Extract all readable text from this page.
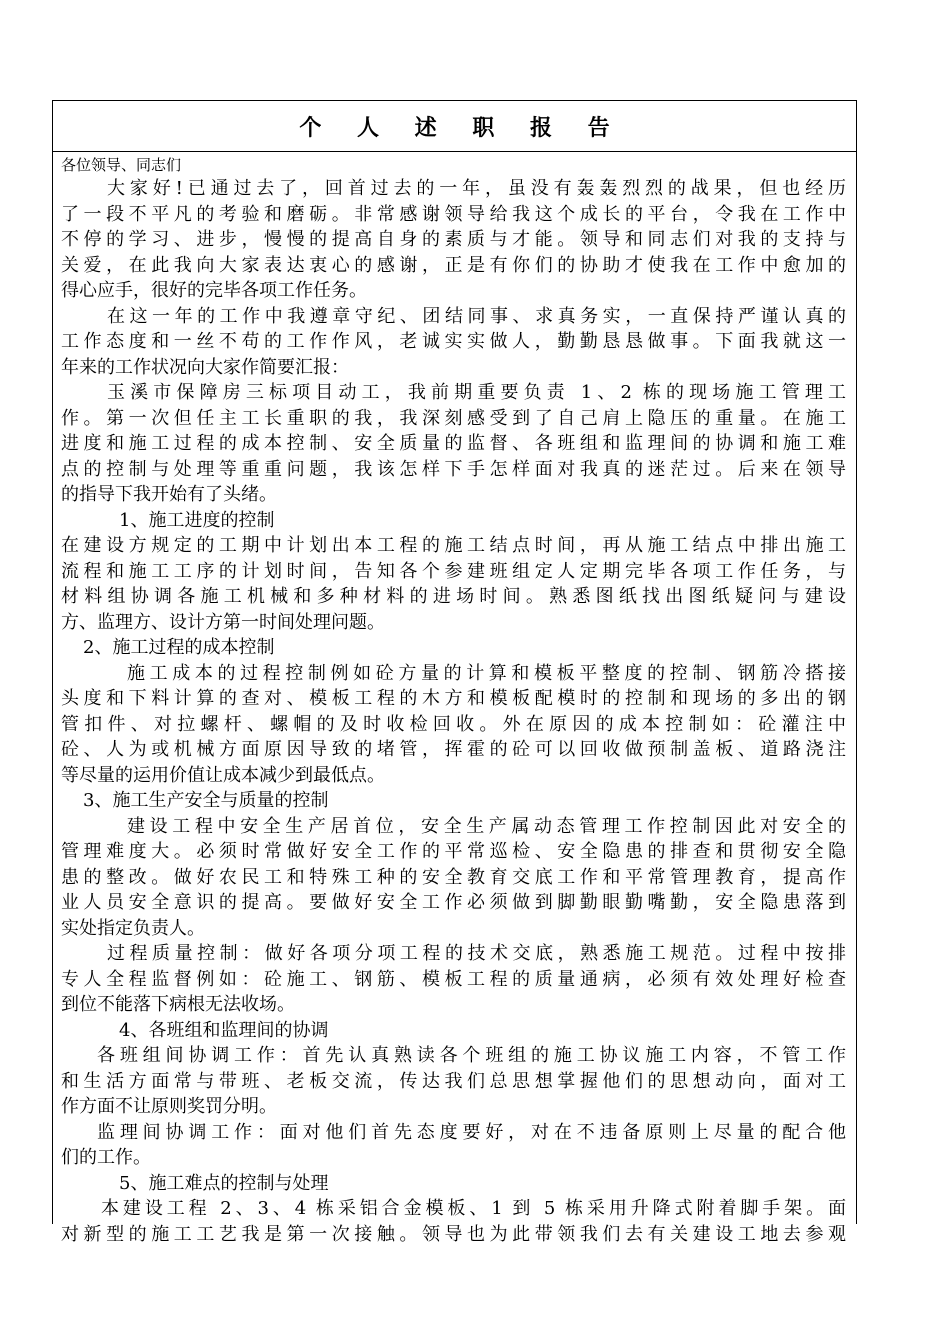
个 人 述 职 报 告
各位领导、同志们
大家好!已通过去了，回首过去的一年，虽没有轰轰烈烈的战果，但也经历
了一段不平凡的考验和磨砺。非常感谢领导给我这个成长的平台，令我在工作中
不停的学习、进步，慢慢的提高自身的素质与才能。领导和同志们对我的支持与
关爱，在此我向大家表达衷心的感谢，正是有你们的协助才使我在工作中愈加的
得心应手，很好的完毕各项工作任务。
在这一年的工作中我遵章守纪、团结同事、求真务实，一直保持严谨认真的
工作态度和一丝不苟的工作作风，老诚实实做人，勤勤恳恳做事。下面我就这一
年来的工作状况向大家作简要汇报：
玉溪市保障房三标项目动工，我前期重要负责 1、2 栋的现场施工管理工
作。第一次但任主工长重职的我，我深刻感受到了自己肩上隐压的重量。在施工
进度和施工过程的成本控制、安全质量的监督、各班组和监理间的协调和施工难
点的控制与处理等重重问题，我该怎样下手怎样面对我真的迷茫过。后来在领导
的指导下我开始有了头绪。
1、施工进度的控制
在建设方规定的工期中计划出本工程的施工结点时间，再从施工结点中排出施工
流程和施工工序的计划时间，告知各个参建班组定人定期完毕各项工作任务，与
材料组协调各施工机械和多种材料的进场时间。熟悉图纸找出图纸疑问与建设
方、监理方、设计方第一时间处理问题。
2、施工过程的成本控制
施工成本的过程控制例如砼方量的计算和模板平整度的控制、钢筋冷搭接
头度和下料计算的查对、模板工程的木方和模板配模时的控制和现场的多出的钢
管扣件、对拉螺杆、螺帽的及时收检回收。外在原因的成本控制如：砼灌注中
砼、人为或机械方面原因导致的堵管，挥霍的砼可以回收做预制盖板、道路浇注
等尽量的运用价值让成本减少到最低点。
3、施工生产安全与质量的控制
建设工程中安全生产居首位，安全生产属动态管理工作控制因此对安全的
管理难度大。必须时常做好安全工作的平常巡检、安全隐患的排查和贯彻安全隐
患的整改。做好农民工和特殊工种的安全教育交底工作和平常管理教育，提高作
业人员安全意识的提高。要做好安全工作必须做到脚勤眼勤嘴勤，安全隐患落到
实处指定负责人。
过程质量控制：做好各项分项工程的技术交底，熟悉施工规范。过程中按排
专人全程监督例如：砼施工、钢筋、模板工程的质量通病，必须有效处理好检查
到位不能落下病根无法收场。
4、各班组和监理间的协调
各班组间协调工作：首先认真熟读各个班组的施工协议施工内容，不管工作
和生活方面常与带班、老板交流，传达我们总思想掌握他们的思想动向，面对工
作方面不让原则奖罚分明。
监理间协调工作：面对他们首先态度要好，对在不违备原则上尽量的配合他
们的工作。
5、施工难点的控制与处理
本建设工程 2、3、4 栋采铝合金模板、1 到 5 栋采用升降式附着脚手架。面
对新型的施工工艺我是第一次接触。领导也为此带领我们去有关建设工地去参观
